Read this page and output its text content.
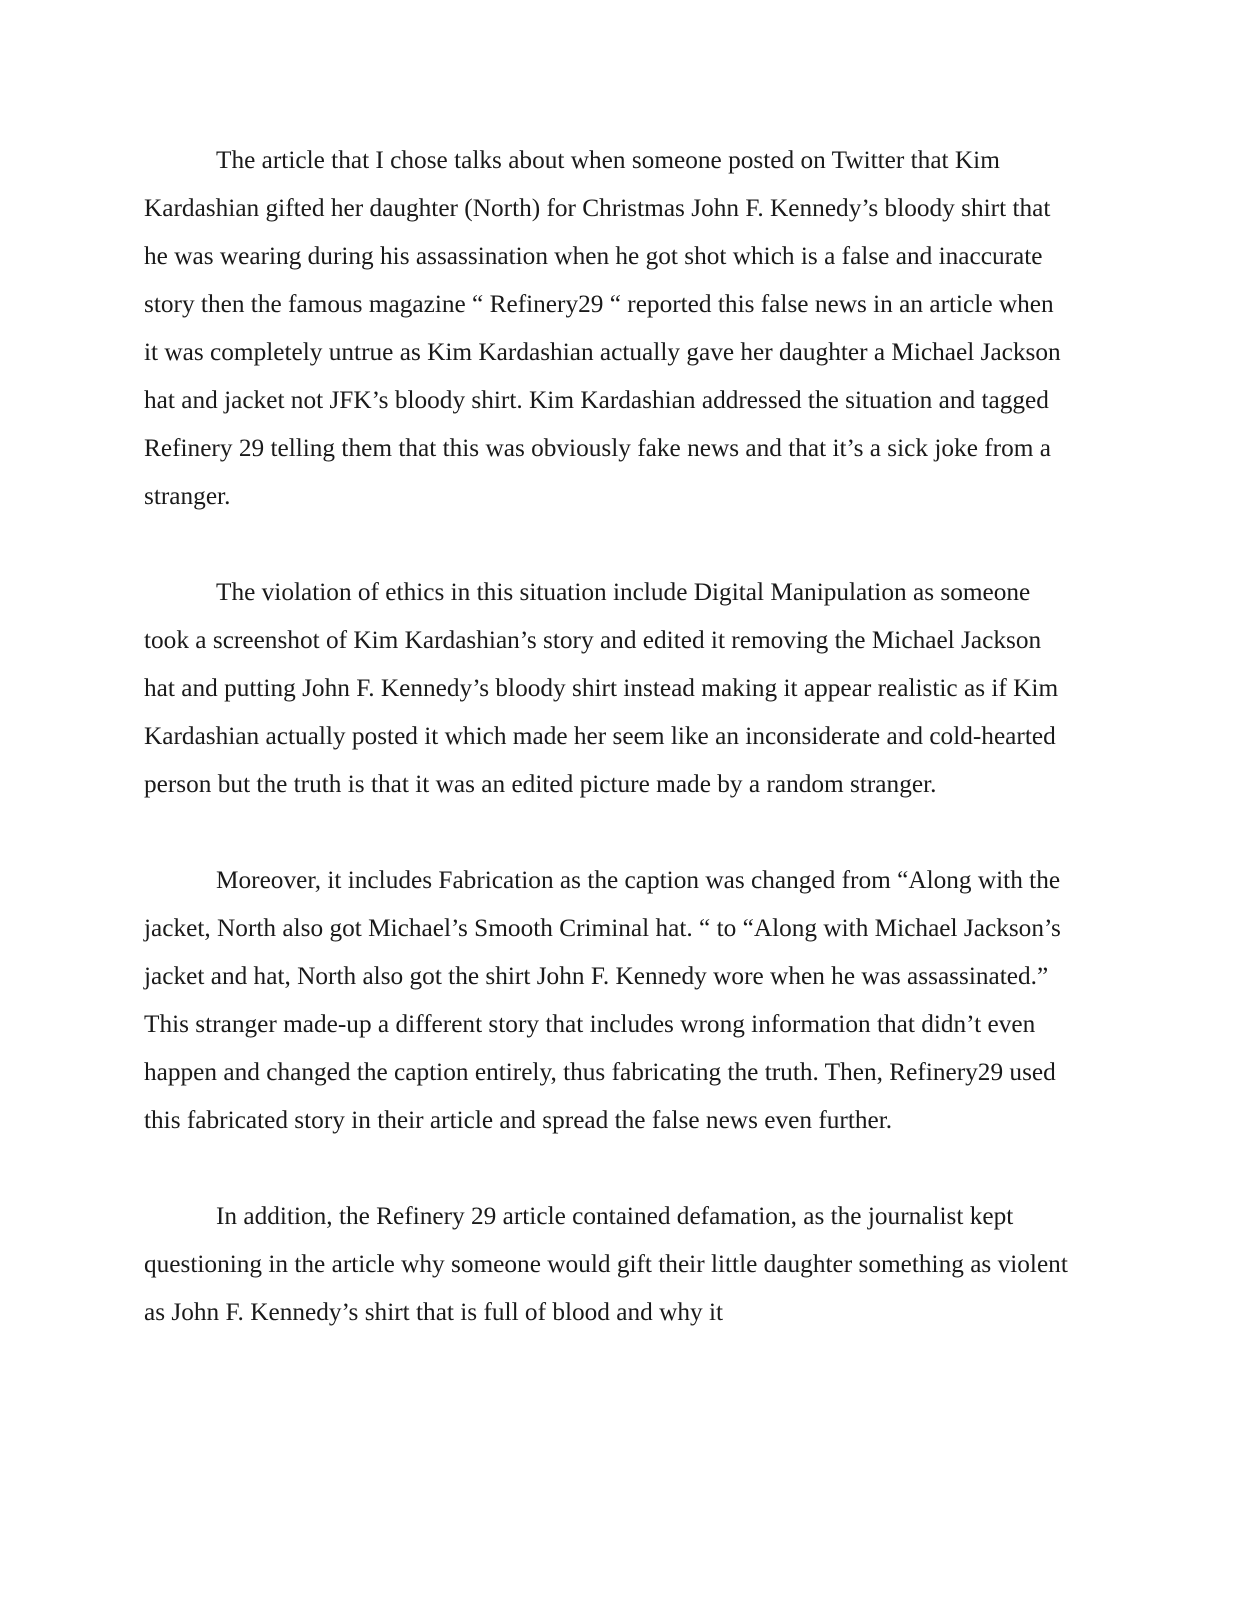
The article that I chose talks about when someone posted on Twitter that Kim Kardashian gifted her daughter (North) for Christmas John F. Kennedy’s bloody shirt that he was wearing during his assassination when he got shot which is a false and inaccurate story then the famous magazine “ Refinery29 “ reported this false news in an article when it was completely untrue as Kim Kardashian actually gave her daughter a Michael Jackson hat and jacket not JFK’s bloody shirt. Kim Kardashian addressed the situation and tagged Refinery 29 telling them that this was obviously fake news and that it’s a sick joke from a stranger.

The violation of ethics in this situation include Digital Manipulation as someone took a screenshot of Kim Kardashian’s story and edited it removing the Michael Jackson hat and putting John F. Kennedy’s bloody shirt instead making it appear realistic as if Kim Kardashian actually posted it which made her seem like an inconsiderate and cold-hearted person but the truth is that it was an edited picture made by a random stranger.

Moreover, it includes Fabrication as the caption was changed from “Along with the jacket, North also got Michael’s Smooth Criminal hat. “ to “Along with Michael Jackson’s jacket and hat, North also got the shirt John F. Kennedy wore when he was assassinated.” This stranger made-up a different story that includes wrong information that didn’t even happen and changed the caption entirely, thus fabricating the truth. Then, Refinery29 used this fabricated story in their article and spread the false news even further.

In addition, the Refinery 29 article contained defamation, as the journalist kept questioning in the article why someone would gift their little daughter something as violent as John F. Kennedy’s shirt that is full of blood and why it
